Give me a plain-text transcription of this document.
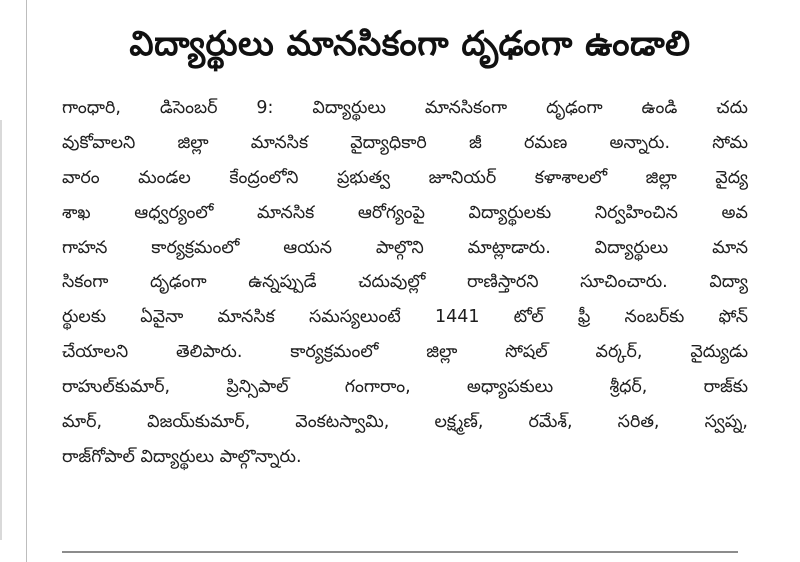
విద్యార్థులు మానసికంగా దృఢంగా ఉండాలి
గాంధారి, డిసెంబర్ 9: విద్యార్థులు మానసికంగా దృఢంగా ఉండి చదు
వుకోవాలని జిల్లా మానసిక వైద్యాధికారి జీ రమణ అన్నారు. సోమ
వారం మండల కేంద్రంలోని ప్రభుత్వ జూనియర్ కళాశాలలో జిల్లా వైద్య
శాఖ ఆధ్వర్యంలో మానసిక ఆరోగ్యంపై విద్యార్థులకు నిర్వహించిన అవ
గాహన కార్యక్రమంలో ఆయన పాల్గొని మాట్లాడారు. విద్యార్థులు మాన
సికంగా దృఢంగా ఉన్నప్పుడే చదువుల్లో రాణిస్తారని సూచించారు. విద్యా
ర్థులకు ఏవైనా మానసిక సమస్యలుంటే 1441 టోల్ ఫ్రీ నంబర్‌కు ఫోన్
చేయాలని తెలిపారు. కార్యక్రమంలో జిల్లా సోషల్ వర్కర్, వైద్యుడు
రాహుల్‌కుమార్, ప్రిన్సిపాల్ గంగారాం, అధ్యాపకులు శ్రీధర్, రాజ్‌కు
మార్, విజయ్‌కుమార్, వెంకటస్వామి, లక్ష్మణ్, రమేశ్, సరిత, స్వప్న,
రాజ్‌గోపాల్ విద్యార్థులు పాల్గొన్నారు.
